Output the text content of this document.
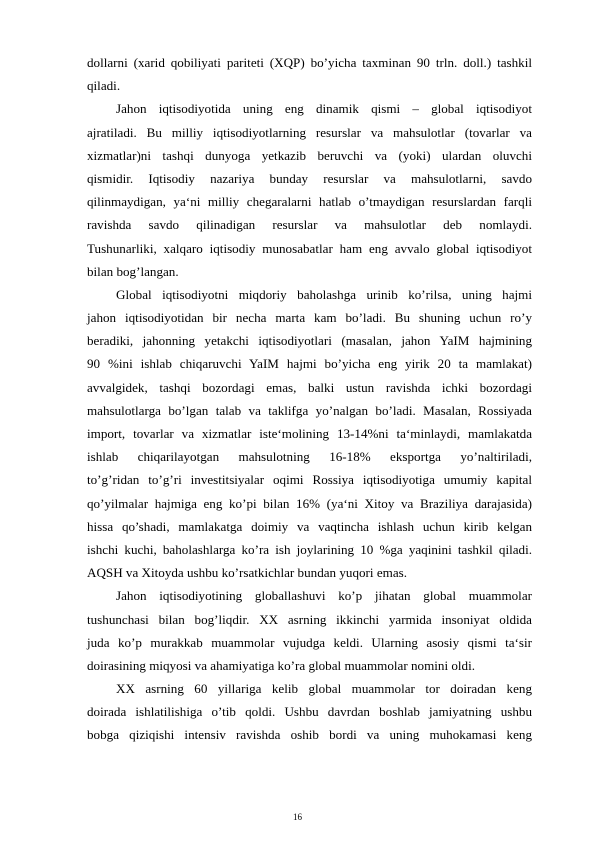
dollarni (xarid qobiliyati pariteti (XQP) bo’yicha taxminan 90 trln. doll.) tashkil
qiladi.
Jahon iqtisodiyotida uning eng dinamik qismi – global iqtisodiyot
ajratiladi. Bu milliy iqtisodiyotlarning resurslar va mahsulotlar (tovarlar va
xizmatlar)ni tashqi dunyoga yetkazib beruvchi va (yoki) ulardan oluvchi
qismidir. Iqtisodiy nazariya bunday resurslar va mahsulotlarni, savdo
qilinmaydigan, ya‘ni milliy chegaralarni hatlab o’tmaydigan resurslardan farqli
ravishda savdo qilinadigan resurslar va mahsulotlar deb nomlaydi.
Tushunarliki, xalqaro iqtisodiy munosabatlar ham eng avvalo global iqtisodiyot
bilan bog’langan.
Global iqtisodiyotni miqdoriy baholashga urinib ko’rilsa, uning hajmi
jahon iqtisodiyotidan bir necha marta kam bo’ladi. Bu shuning uchun ro’y
beradiki, jahonning yetakchi iqtisodiyotlari (masalan, jahon YaIM hajmining
90 %ini ishlab chiqaruvchi YaIM hajmi bo’yicha eng yirik 20 ta mamlakat)
avvalgidek, tashqi bozordagi emas, balki ustun ravishda ichki bozordagi
mahsulotlarga bo’lgan talab va taklifga yo’nalgan bo’ladi. Masalan, Rossiyada
import, tovarlar va xizmatlar iste‘molining 13-14%ni ta‘minlaydi, mamlakatda
ishlab chiqarilayotgan mahsulotning 16-18% eksportga yo’naltiriladi,
to’g’ridan to’g’ri investitsiyalar oqimi Rossiya iqtisodiyotiga umumiy kapital
qo’yilmalar hajmiga eng ko’pi bilan 16% (ya‘ni Xitoy va Braziliya darajasida)
hissa qo’shadi, mamlakatga doimiy va vaqtincha ishlash uchun kirib kelgan
ishchi kuchi, baholashlarga ko’ra ish joylarining 10 %ga yaqinini tashkil qiladi.
AQSH va Xitoyda ushbu ko’rsatkichlar bundan yuqori emas.
Jahon iqtisodiyotining globallashuvi ko’p jihatan global muammolar
tushunchasi bilan bog’liqdir. XX asrning ikkinchi yarmida insoniyat oldida
juda ko’p murakkab muammolar vujudga keldi. Ularning asosiy qismi ta‘sir
doirasining miqyosi va ahamiyatiga ko’ra global muammolar nomini oldi.
XX asrning 60 yillariga kelib global muammolar tor doiradan keng
doirada ishlatilishiga o’tib qoldi. Ushbu davrdan boshlab jamiyatning ushbu
bobga qiziqishi intensiv ravishda oshib bordi va uning muhokamasi keng
16
